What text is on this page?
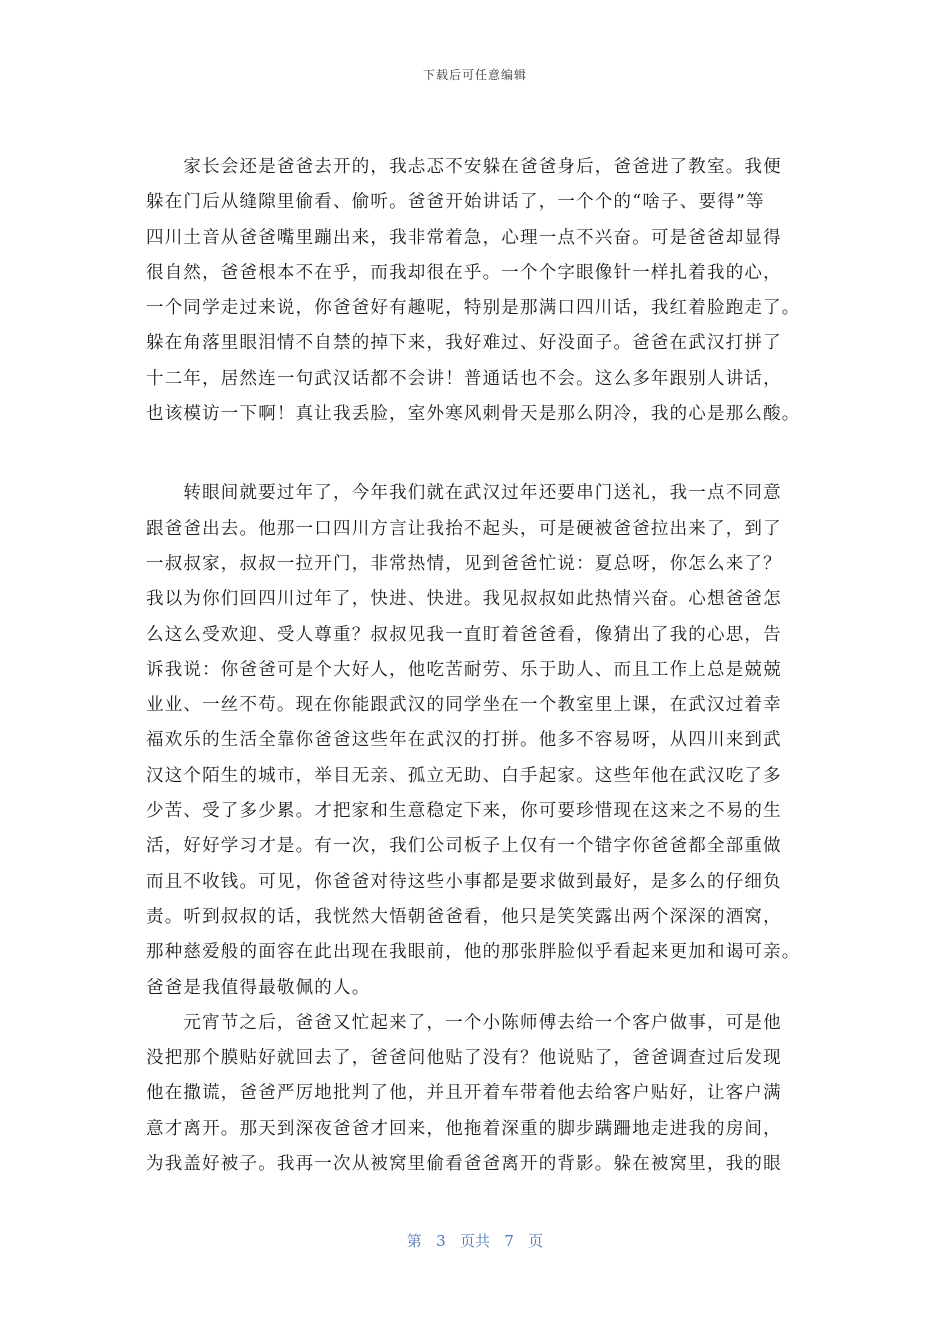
下载后可任意编辑
　　家长会还是爸爸去开的，我忐忑不安躲在爸爸身后，爸爸进了教室。我便
躲在门后从缝隙里偷看、偷听。爸爸开始讲话了，一个个的“啥子、要得”等
四川土音从爸爸嘴里蹦出来，我非常着急，心理一点不兴奋。可是爸爸却显得
很自然，爸爸根本不在乎，而我却很在乎。一个个字眼像针一样扎着我的心，
一个同学走过来说，你爸爸好有趣呢，特别是那满口四川话，我红着脸跑走了。
躲在角落里眼泪情不自禁的掉下来，我好难过、好没面子。爸爸在武汉打拼了
十二年，居然连一句武汉话都不会讲！普通话也不会。这么多年跟别人讲话，
也该模访一下啊！真让我丢脸，室外寒风刺骨天是那么阴冷，我的心是那么酸。
　　转眼间就要过年了，今年我们就在武汉过年还要串门送礼，我一点不同意
跟爸爸出去。他那一口四川方言让我抬不起头，可是硬被爸爸拉出来了，到了
一叔叔家，叔叔一拉开门，非常热情，见到爸爸忙说：夏总呀，你怎么来了？
我以为你们回四川过年了，快进、快进。我见叔叔如此热情兴奋。心想爸爸怎
么这么受欢迎、受人尊重？叔叔见我一直盯着爸爸看，像猜出了我的心思，告
诉我说：你爸爸可是个大好人，他吃苦耐劳、乐于助人、而且工作上总是兢兢
业业、一丝不苟。现在你能跟武汉的同学坐在一个教室里上课，在武汉过着幸
福欢乐的生活全靠你爸爸这些年在武汉的打拼。他多不容易呀，从四川来到武
汉这个陌生的城市，举目无亲、孤立无助、白手起家。这些年他在武汉吃了多
少苦、受了多少累。才把家和生意稳定下来，你可要珍惜现在这来之不易的生
活，好好学习才是。有一次，我们公司板子上仅有一个错字你爸爸都全部重做
而且不收钱。可见，你爸爸对待这些小事都是要求做到最好，是多么的仔细负
责。听到叔叔的话，我恍然大悟朝爸爸看，他只是笑笑露出两个深深的酒窝，
那种慈爱般的面容在此出现在我眼前，他的那张胖脸似乎看起来更加和谒可亲。
爸爸是我值得最敬佩的人。
　　元宵节之后，爸爸又忙起来了，一个小陈师傅去给一个客户做事，可是他
没把那个膜贴好就回去了，爸爸问他贴了没有？他说贴了，爸爸调查过后发现
他在撒谎，爸爸严厉地批判了他，并且开着车带着他去给客户贴好，让客户满
意才离开。那天到深夜爸爸才回来，他拖着深重的脚步蹒跚地走进我的房间，
为我盖好被子。我再一次从被窝里偷看爸爸离开的背影。躲在被窝里，我的眼
第 3 页共 7 页
